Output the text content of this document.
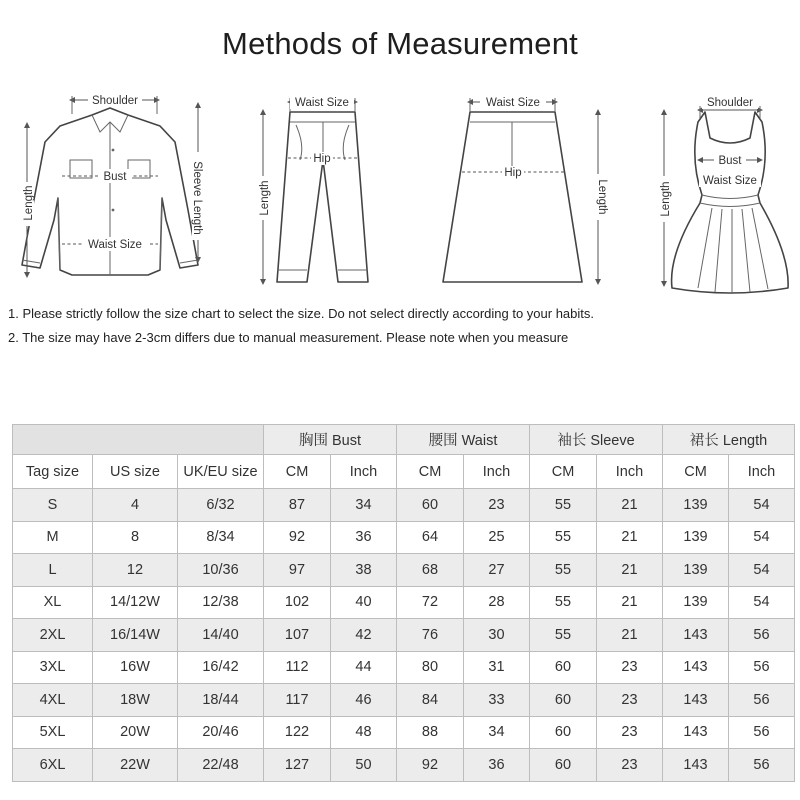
Methods of Measurement
Shoulder
Bust
Waist Size
Length	Sleeve Length
Waist Size
Hip
Length
Waist Size
Hip
Length
Shoulder
Bust
Waist Size
Length
1. Please strictly follow the size chart to select the size. Do not select directly according to your habits.
2. The size may have 2-3cm differs due to manual measurement. Please note when you measure
			胸围 Bust		腰围 Waist		袖长 Sleeve		裙长 Length	
Tag size	US size	UK/EU size	CM	Inch	CM	Inch	CM	Inch	CM	Inch
S	4	6/32	87	34	60	23	55	21	139	54
M	8	8/34	92	36	64	25	55	21	139	54
L	12	10/36	97	38	68	27	55	21	139	54
XL	14/12W	12/38	102	40	72	28	55	21	139	54
2XL	16/14W	14/40	107	42	76	30	55	21	143	56
3XL	16W	16/42	112	44	80	31	60	23	143	56
4XL	18W	18/44	117	46	84	33	60	23	143	56
5XL	20W	20/46	122	48	88	34	60	23	143	56
6XL	22W	22/48	127	50	92	36	60	23	143	56
